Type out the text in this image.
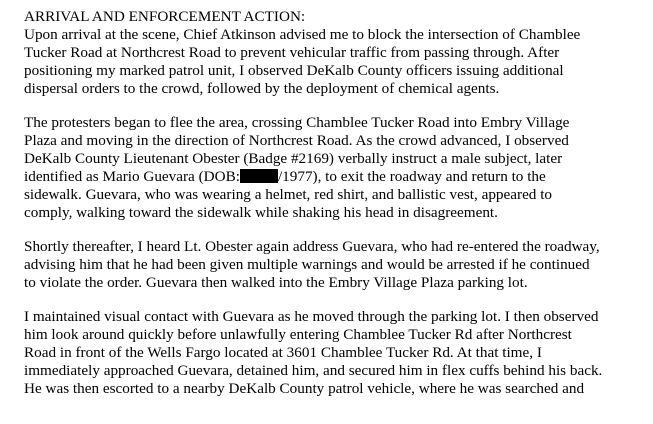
ARRIVAL AND ENFORCEMENT ACTION:
Upon arrival at the scene, Chief Atkinson advised me to block the intersection of Chamblee
Tucker Road at Northcrest Road to prevent vehicular traffic from passing through. After
positioning my marked patrol unit, I observed DeKalb County officers issuing additional
dispersal orders to the crowd, followed by the deployment of chemical agents.
The protesters began to flee the area, crossing Chamblee Tucker Road into Embry Village
Plaza and moving in the direction of Northcrest Road. As the crowd advanced, I observed
DeKalb County Lieutenant Obester (Badge #2169) verbally instruct a male subject, later
identified as Mario Guevara (DOB:	/1977), to exit the roadway and return to the
sidewalk. Guevara, who was wearing a helmet, red shirt, and ballistic vest, appeared to
comply, walking toward the sidewalk while shaking his head in disagreement.
Shortly thereafter, I heard Lt. Obester again address Guevara, who had re-entered the roadway,
advising him that he had been given multiple warnings and would be arrested if he continued
to violate the order. Guevara then walked into the Embry Village Plaza parking lot.
I maintained visual contact with Guevara as he moved through the parking lot. I then observed
him look around quickly before unlawfully entering Chamblee Tucker Rd after Northcrest
Road in front of the Wells Fargo located at 3601 Chamblee Tucker Rd. At that time, I
immediately approached Guevara, detained him, and secured him in flex cuffs behind his back.
He was then escorted to a nearby DeKalb County patrol vehicle, where he was searched and
